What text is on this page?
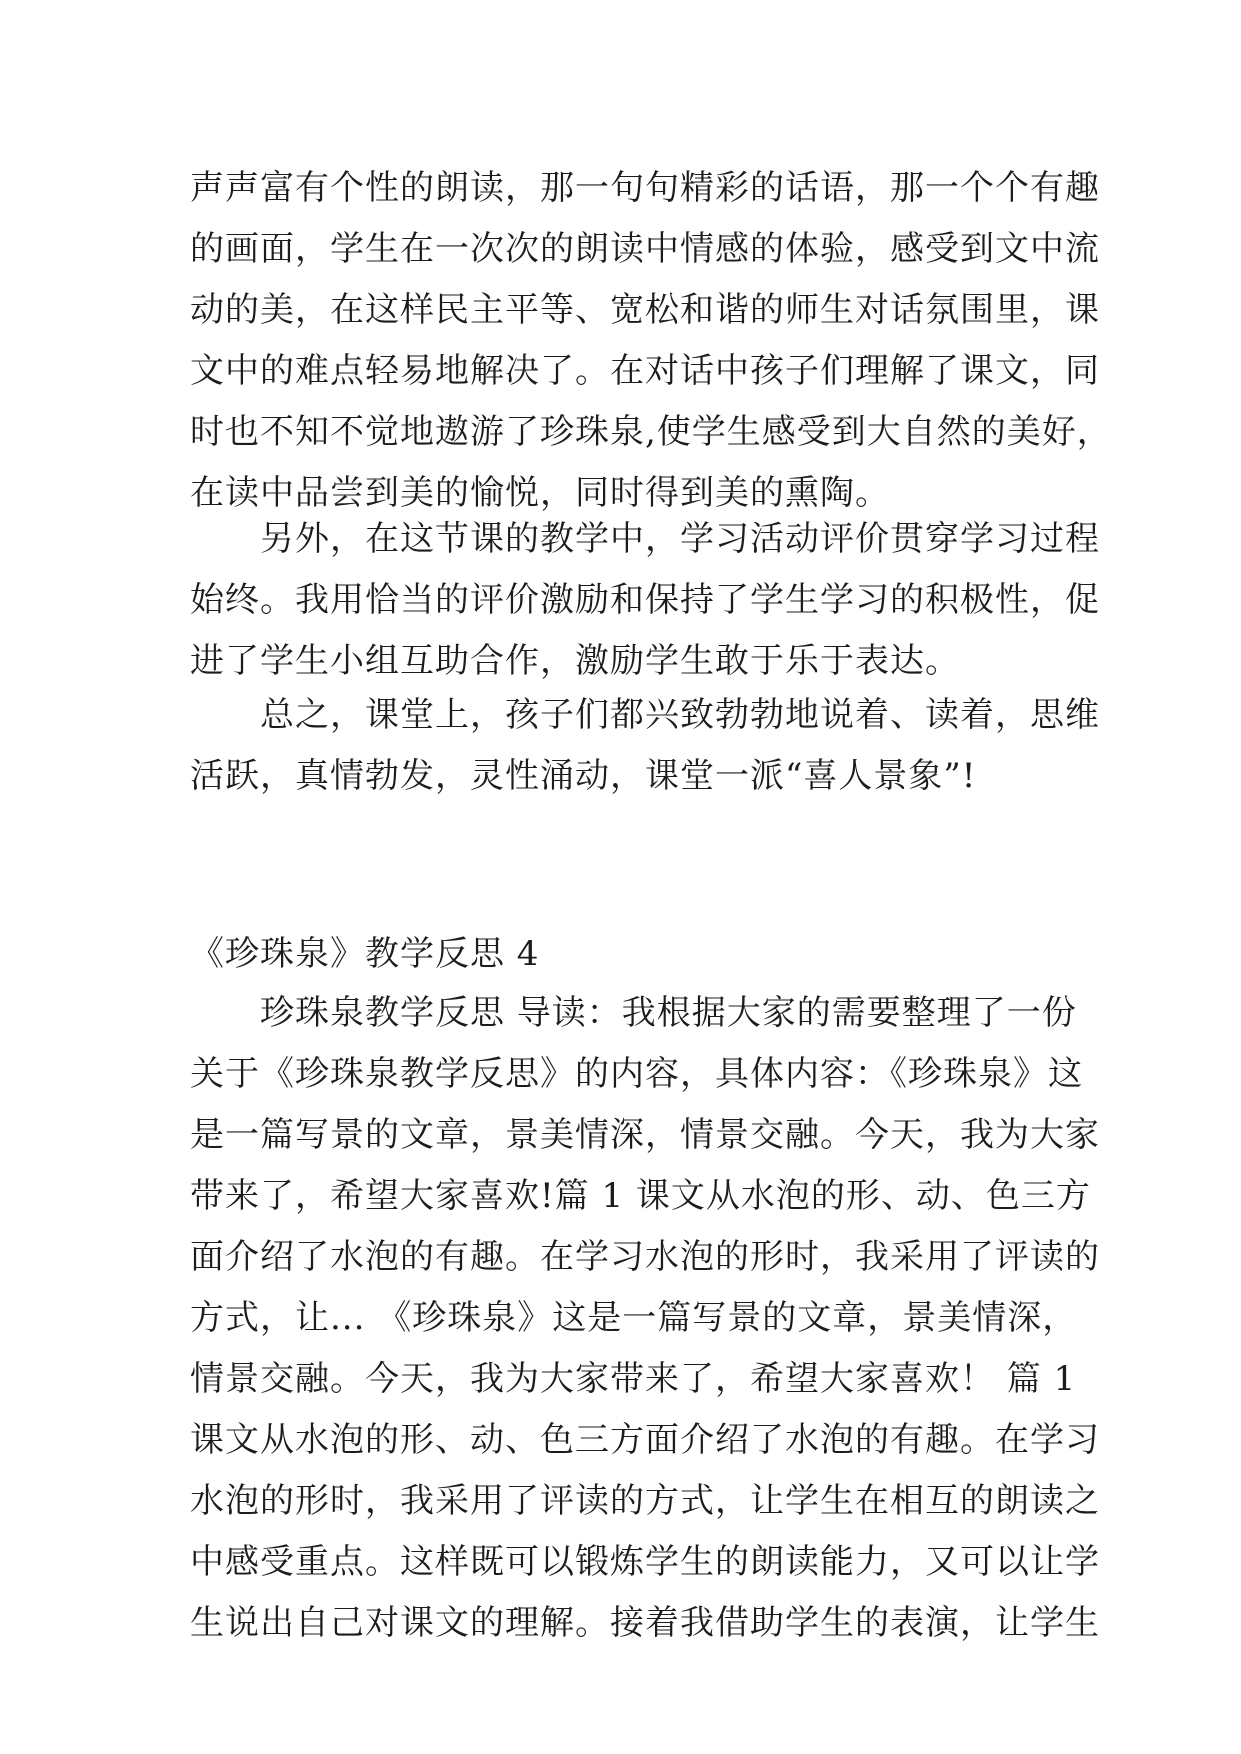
声声富有个性的朗读，那一句句精彩的话语，那一个个有趣
的画面，学生在一次次的朗读中情感的体验，感受到文中流
动的美，在这样民主平等、宽松和谐的师生对话氛围里，课
文中的难点轻易地解决了。在对话中孩子们理解了课文，同
时也不知不觉地遨游了珍珠泉,使学生感受到大自然的美好，
在读中品尝到美的愉悦，同时得到美的熏陶。
　　另外，在这节课的教学中，学习活动评价贯穿学习过程
始终。我用恰当的评价激励和保持了学生学习的积极性，促
进了学生小组互助合作，激励学生敢于乐于表达。
　　总之，课堂上，孩子们都兴致勃勃地说着、读着，思维
活跃，真情勃发，灵性涌动，课堂一派“喜人景象”!
《珍珠泉》教学反思 4
　　珍珠泉教学反思 导读：我根据大家的需要整理了一份
关于《珍珠泉教学反思》的内容，具体内容：《珍珠泉》这
是一篇写景的文章，景美情深，情景交融。今天，我为大家
带来了，希望大家喜欢!篇 1 课文从水泡的形、动、色三方
面介绍了水泡的有趣。在学习水泡的形时，我采用了评读的
方式，让... 《珍珠泉》这是一篇写景的文章，景美情深，
情景交融。今天，我为大家带来了，希望大家喜欢！ 篇 1
课文从水泡的形、动、色三方面介绍了水泡的有趣。在学习
水泡的形时，我采用了评读的方式，让学生在相互的朗读之
中感受重点。这样既可以锻炼学生的朗读能力，又可以让学
生说出自己对课文的理解。接着我借助学生的表演，让学生
